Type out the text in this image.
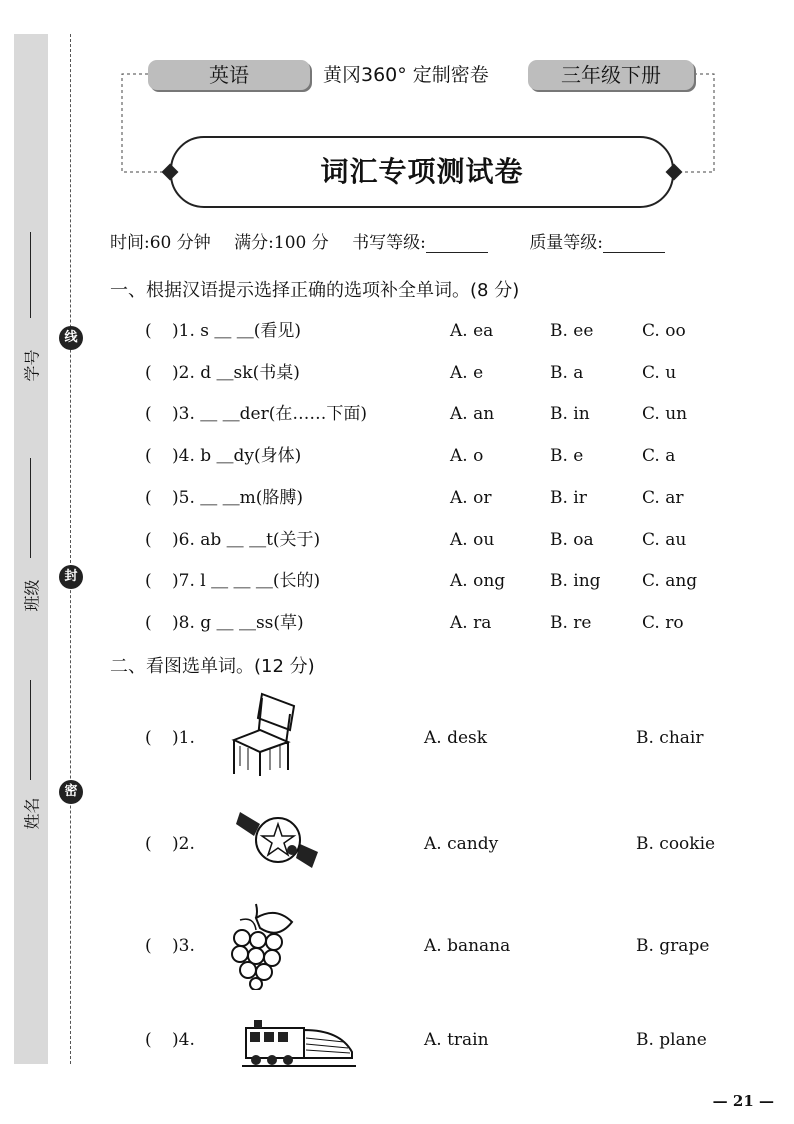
线
封
密
学号
班级
姓名
英语	黄冈360° 定制密卷	三年级下册
词汇专项测试卷
时间:60 分钟 满分:100 分 书写等级:	质量等级:
一、根据汉语提示选择正确的选项补全单词。(8 分)
( )1. s ＿ ＿(看见)	A. ea	B. ee	C. oo
( )2. d ＿sk(书桌)	A. e	B. a	C. u
( )3. ＿ ＿der(在……下面)	A. an	B. in	C. un
( )4. b ＿dy(身体)	A. o	B. e	C. a
( )5. ＿ ＿m(胳膊)	A. or	B. ir	C. ar
( )6. ab ＿ ＿t(关于)	A. ou	B. oa	C. au
( )7. l ＿ ＿ ＿(长的)	A. ong	B. ing C. ang
( )8. g ＿ ＿ss(草)	A. ra	B. re	C. ro
二、看图选单词。(12 分)
( )1.	A. desk	B. chair
( )2.	A. candy	B. cookie
( )3.	A. banana	B. grape
( )4.	A. train	B. plane
— 21 —
